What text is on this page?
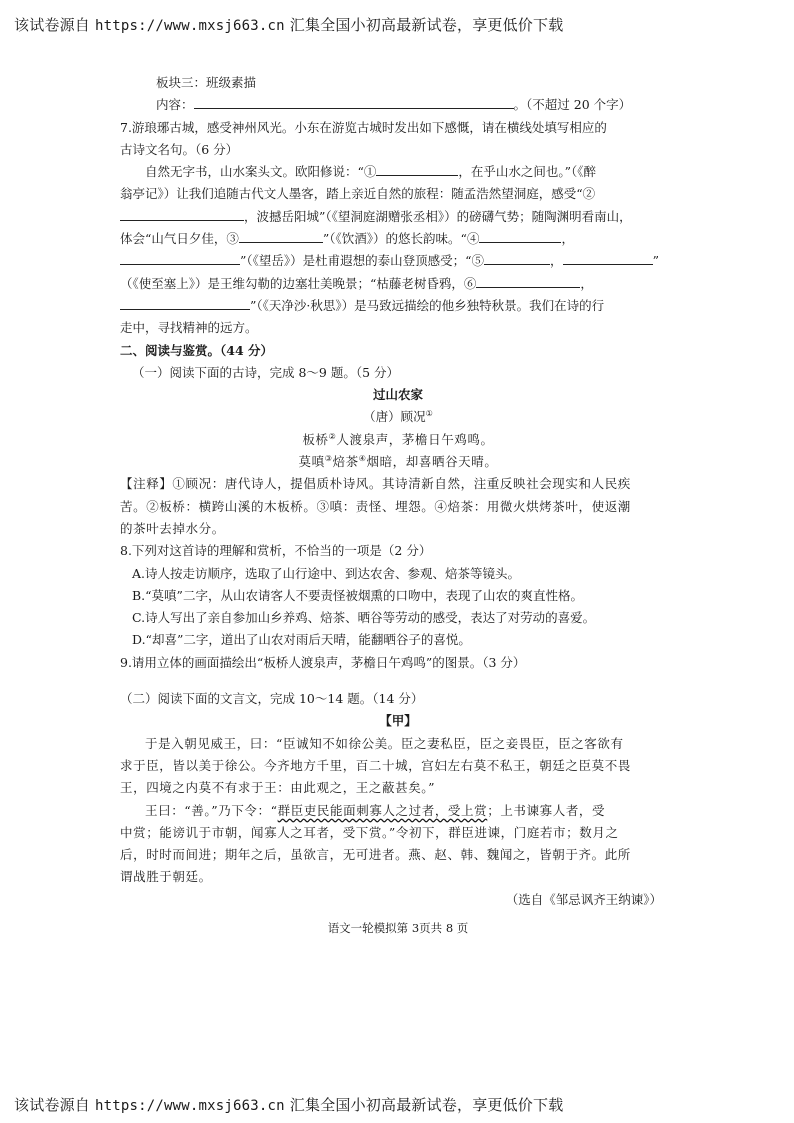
该试卷源自 https://www.mxsj663.cn 汇集全国小初高最新试卷，享更低价下载
板块三：班级素描
内容：	。（不超过 20 个字）
7.游琅琊古城，感受神州风光。小东在游览古城时发出如下感慨，请在横线处填写相应的
古诗文名句。（6 分）
自然无字书，山水案头文。欧阳修说：“①	，在乎山水之间也。”（《醉
翁亭记》）让我们追随古代文人墨客，踏上亲近自然的旅程：随孟浩然望洞庭，感受“②
，波撼岳阳城”（《望洞庭湖赠张丞相》）的磅礴气势；随陶渊明看南山，
体会“山气日夕佳，③	”（《饮酒》）的悠长韵味。“④	，
”（《望岳》）是杜甫遐想的泰山登顶感受；“⑤	，	”
（《使至塞上》）是王维勾勒的边塞壮美晚景；“枯藤老树昏鸦，⑥	，
”（《天净沙·秋思》）是马致远描绘的他乡独特秋景。我们在诗的行
走中，寻找精神的远方。
二、阅读与鉴赏。（44 分）
（一）阅读下面的古诗，完成 8～9 题。（5 分）
过山农家
（唐）顾况①
板桥②人渡泉声，茅檐日午鸡鸣。
莫嗔③焙茶④烟暗，却喜晒谷天晴。
【注释】①顾况：唐代诗人，提倡质朴诗风。其诗清新自然，注重反映社会现实和人民疾
苦。②板桥：横跨山溪的木板桥。③嗔：责怪、埋怨。④焙茶：用微火烘烤茶叶，使返潮
的茶叶去掉水分。
8.下列对这首诗的理解和赏析，不恰当的一项是（2 分）
A.诗人按走访顺序，选取了山行途中、到达农舍、参观、焙茶等镜头。
B.“莫嗔”二字，从山农请客人不要责怪被烟熏的口吻中，表现了山农的爽直性格。
C.诗人写出了亲自参加山乡养鸡、焙茶、晒谷等劳动的感受，表达了对劳动的喜爱。
D.“却喜”二字，道出了山农对雨后天晴，能翻晒谷子的喜悦。
9.请用立体的画面描绘出“板桥人渡泉声，茅檐日午鸡鸣”的图景。（3 分）
（二）阅读下面的文言文，完成 10～14 题。（14 分）
【甲】
于是入朝见威王，曰：“臣诚知不如徐公美。臣之妻私臣，臣之妾畏臣，臣之客欲有
求于臣，皆以美于徐公。今齐地方千里，百二十城，宫妇左右莫不私王，朝廷之臣莫不畏
王，四境之内莫不有求于王：由此观之，王之蔽甚矣。”
王曰：“善。”乃下令：“群臣吏民能面刺寡人之过者，受上赏；上书谏寡人者，受
中赏；能谤讥于市朝，闻寡人之耳者，受下赏。”令初下，群臣进谏，门庭若市；数月之
后，时时而间进；期年之后，虽欲言，无可进者。燕、赵、韩、魏闻之，皆朝于齐。此所
谓战胜于朝廷。
（选自《邹忌讽齐王纳谏》）
语文一轮模拟第 3页共 8 页
该试卷源自 https://www.mxsj663.cn 汇集全国小初高最新试卷，享更低价下载
